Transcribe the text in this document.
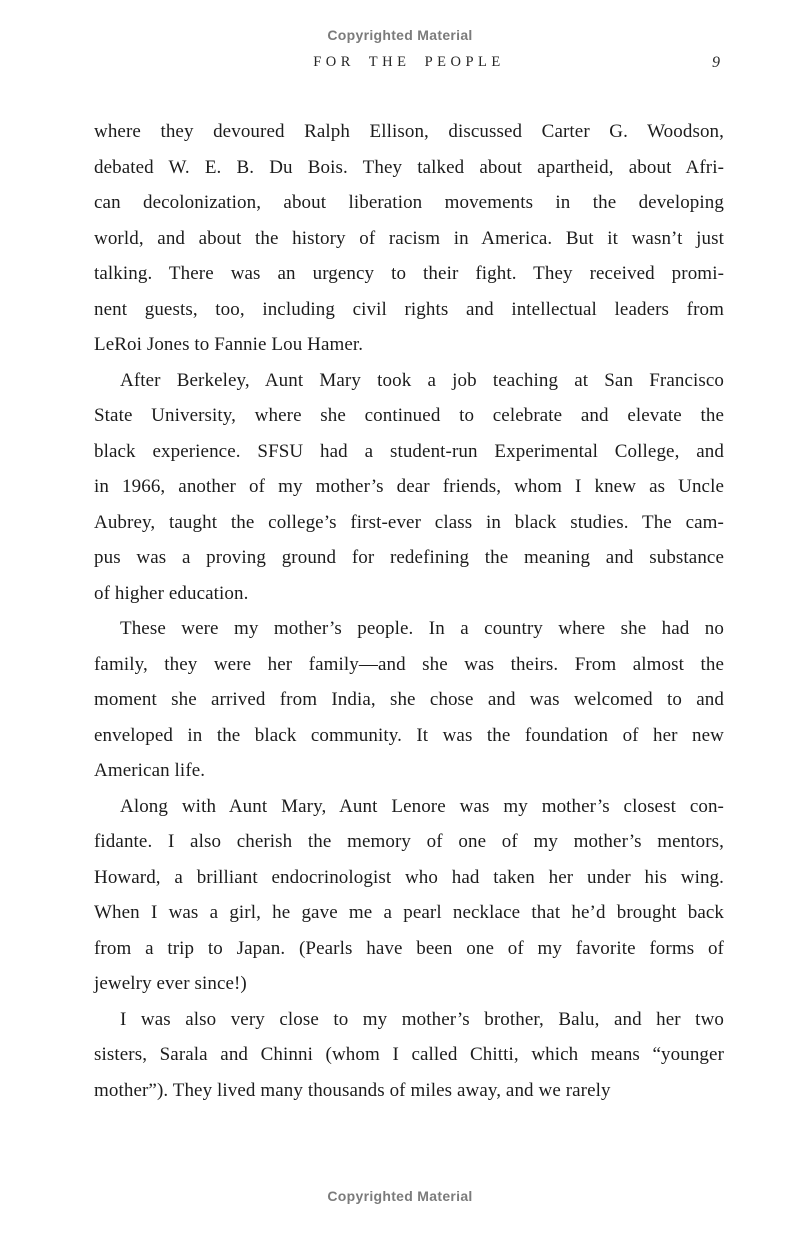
Copyrighted Material
FOR THE PEOPLE	9

where they devoured Ralph Ellison, discussed Carter G. Woodson,
debated W. E. B. Du Bois. They talked about apartheid, about Afri-
can decolonization, about liberation movements in the developing
world, and about the history of racism in America. But it wasn’t just
talking. There was an urgency to their fight. They received promi-
nent guests, too, including civil rights and intellectual leaders from
LeRoi Jones to Fannie Lou Hamer.

After Berkeley, Aunt Mary took a job teaching at San Francisco
State University, where she continued to celebrate and elevate the
black experience. SFSU had a student-run Experimental College, and
in 1966, another of my mother’s dear friends, whom I knew as Uncle
Aubrey, taught the college’s first-ever class in black studies. The cam-
pus was a proving ground for redefining the meaning and substance
of higher education.

These were my mother’s people. In a country where she had no
family, they were her family—and she was theirs. From almost the
moment she arrived from India, she chose and was welcomed to and
enveloped in the black community. It was the foundation of her new
American life.

Along with Aunt Mary, Aunt Lenore was my mother’s closest con-
fidante. I also cherish the memory of one of my mother’s mentors,
Howard, a brilliant endocrinologist who had taken her under his wing.
When I was a girl, he gave me a pearl necklace that he’d brought back
from a trip to Japan. (Pearls have been one of my favorite forms of
jewelry ever since!)

I was also very close to my mother’s brother, Balu, and her two
sisters, Sarala and Chinni (whom I called Chitti, which means “younger
mother”). They lived many thousands of miles away, and we rarely

Copyrighted Material
